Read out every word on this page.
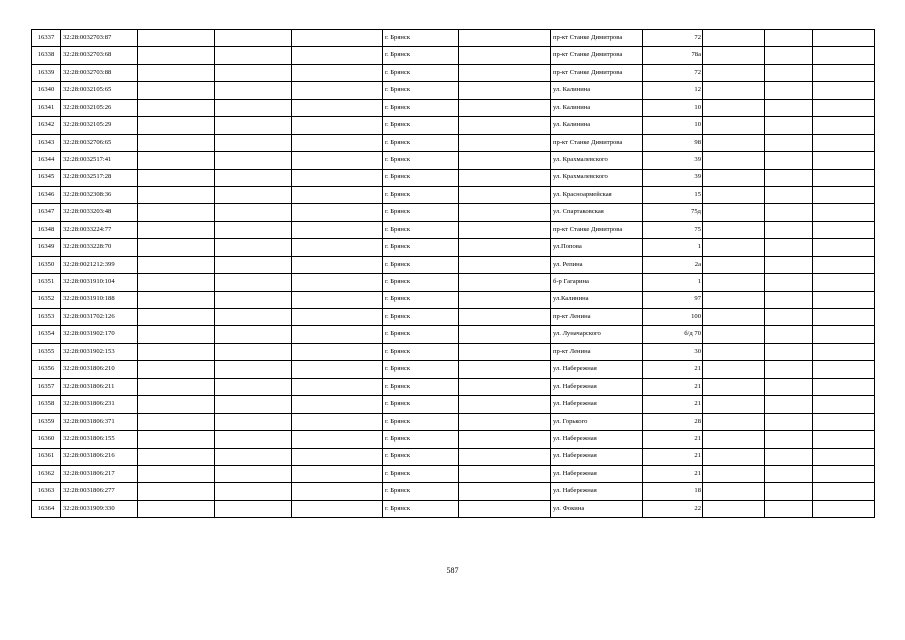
16337	32:28:0032703:87				г. Брянск		пр-кт Станке Димитрова	72			
16338	32:28:0032703:68				г. Брянск		пр-кт Станке Димитрова	78а			
16339	32:28:0032703:88				г. Брянск		пр-кт Станке Димитрова	72			
16340	32:28:0032105:65				г. Брянск		ул. Калинина	12			
16341	32:28:0032105:26				г. Брянск		ул. Калинина	10			
16342	32:28:0032105:29				г. Брянск		ул. Калинина	10			
16343	32:28:0032706:65				г. Брянск		пр-кт Станке Димитрова	98			
16344	32:28:0032517:41				г. Брянск		ул. Крахмалевского	39			
16345	32:28:0032517:28				г. Брянск		ул. Крахмалевского	39			
16346	32:28:0032308:36				г. Брянск		ул. Красноармейская	15			
16347	32:28:0033203:48				г. Брянск		ул. Спартаковская	75д			
16348	32:28:0033224:77				г. Брянск		пр-кт Станке Димитрова	75			
16349	32:28:0033228:70				г. Брянск		ул.Попова	1			
16350	32:28:0021212:399				г. Брянск		ул. Репина	2а			
16351	32:28:0031910:104				г. Брянск		б-р Гагарина	1			
16352	32:28:0031910:188				г. Брянск		ул.Калинина	97			
16353	32:28:0031702:126				г. Брянск		пр-кт Ленина	100			
16354	32:28:0031902:170				г. Брянск		ул. Луначарского	б/д 70			
16355	32:28:0031902:153				г. Брянск		пр-кт Ленина	30			
16356	32:28:0031806:210				г. Брянск		ул. Набережная	21			
16357	32:28:0031806:211				г. Брянск		ул. Набережная	21			
16358	32:28:0031806:231				г. Брянск		ул. Набережная	21			
16359	32:28:0031806:371				г. Брянск		ул. Горького	28			
16360	32:28:0031806:155				г. Брянск		ул. Набережная	21			
16361	32:28:0031806:216				г. Брянск		ул. Набережная	21			
16362	32:28:0031806:217				г. Брянск		ул. Набережная	21			
16363	32:28:0031806:277				г. Брянск		ул. Набережная	18			
16364	32:28:0031909:330				г. Брянск		ул. Фокина	22			
587
